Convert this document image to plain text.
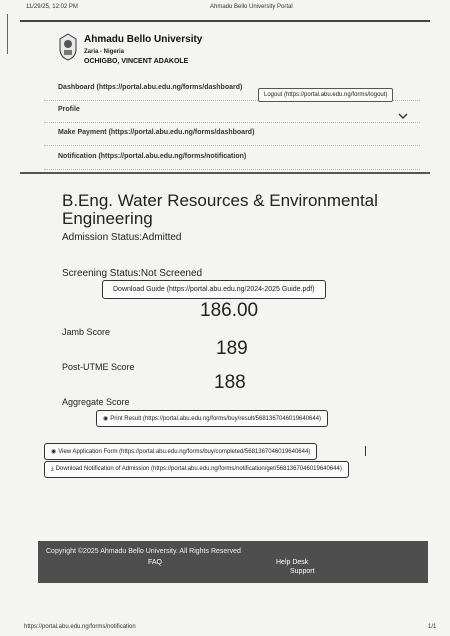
11/29/25, 12:02 PM	Ahmadu Bello University Portal
Ahmadu Bello University
Zaria - Nigeria
OCHIGBO, VINCENT ADAKOLE
Dashboard (https://portal.abu.edu.ng/forms/dashboard)
Logout (https://portal.abu.edu.ng/forms/logout)
Profile
Make Payment (https://portal.abu.edu.ng/forms/dashboard)
Notification (https://portal.abu.edu.ng/forms/notification)
B.Eng. Water Resources & Environmental Engineering
Admission Status:Admitted
Screening Status:Not Screened
Download Guide (https://portal.abu.edu.ng/2024-2025 Guide.pdf)
186.00
Jamb Score
189
Post-UTME Score
188
Aggregate Score
◉ Print Result (https://portal.abu.edu.ng/forms/buy/result/5681367046019640644)
◉ View Application Form (https://portal.abu.edu.ng/forms/buy/completed/5681367046019640644)
⤓ Download Notification of Admission (https://portal.abu.edu.ng/forms/notification/get/5681367046019640644)
Copyright ©2025 Ahmadu Bello University. All Rights Reserved
FAQ	Help Desk
Support
https://portal.abu.edu.ng/forms/notification	1/1
